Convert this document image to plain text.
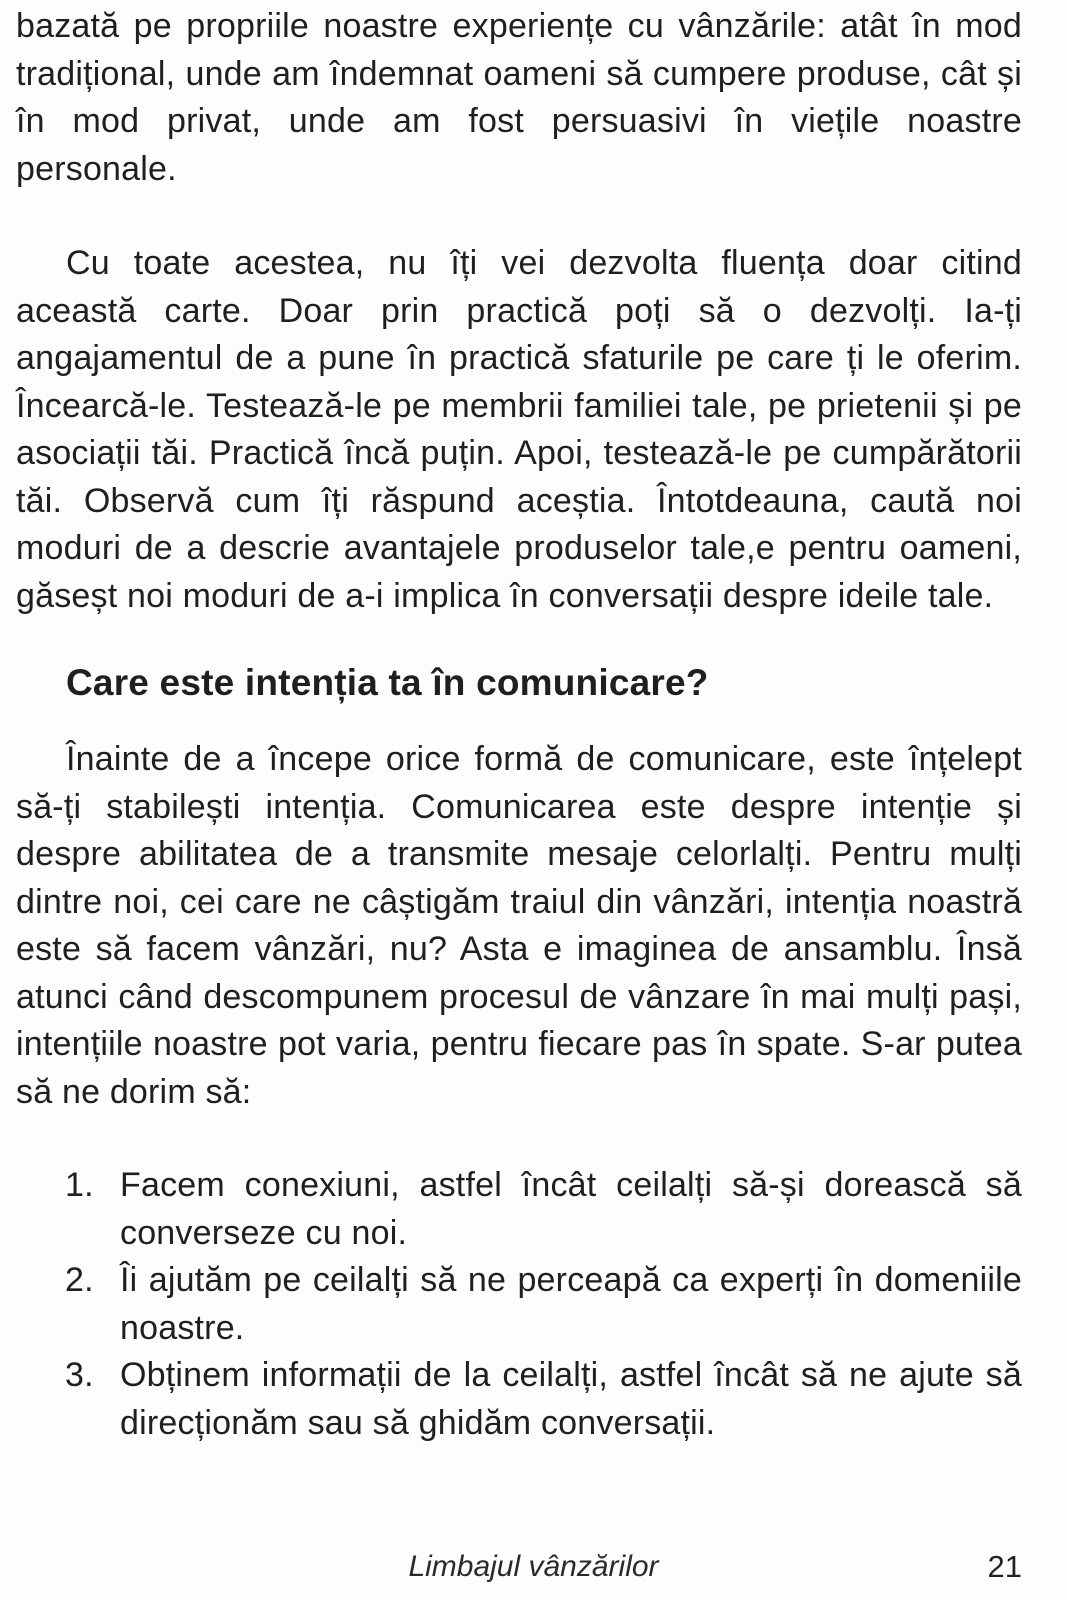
bazată pe propriile noastre experiențe cu vânzările: atât în mod tradițional, unde am îndemnat oameni să cumpere produse, cât și în mod privat, unde am fost persuasivi în viețile noastre personale.

Cu toate acestea, nu îți vei dezvolta fluența doar citind această carte. Doar prin practică poți să o dezvolți. Ia-ți angajamentul de a pune în practică sfaturile pe care ți le oferim. Încearcă-le. Testează-le pe membrii familiei tale, pe prietenii și pe asociații tăi. Practică încă puțin. Apoi, testează-le pe cumpărătorii tăi. Observă cum îți răspund aceștia. Întotdeauna, caută noi moduri de a descrie avantajele produselor tale,e pentru oameni, găseșt noi moduri de a-i implica în conversații despre ideile tale.

Care este intenția ta în comunicare?

Înainte de a începe orice formă de comunicare, este înțelept să-ți stabilești intenția. Comunicarea este despre intenție și despre abilitatea de a transmite mesaje celorlalți. Pentru mulți dintre noi, cei care ne câștigăm traiul din vânzări, intenția noastră este să facem vânzări, nu? Asta e imaginea de ansamblu. Însă atunci când descompunem procesul de vânzare în mai mulți pași, intențiile noastre pot varia, pentru fiecare pas în spate. S-ar putea să ne dorim să:

1. Facem conexiuni, astfel încât ceilalți să-și dorească să converseze cu noi.
2. Îi ajutăm pe ceilalți să ne perceapă ca experți în domeniile noastre.
3. Obținem informații de la ceilalți, astfel încât să ne ajute să direcționăm sau să ghidăm conversații.
Limbajul vânzărilor	21
